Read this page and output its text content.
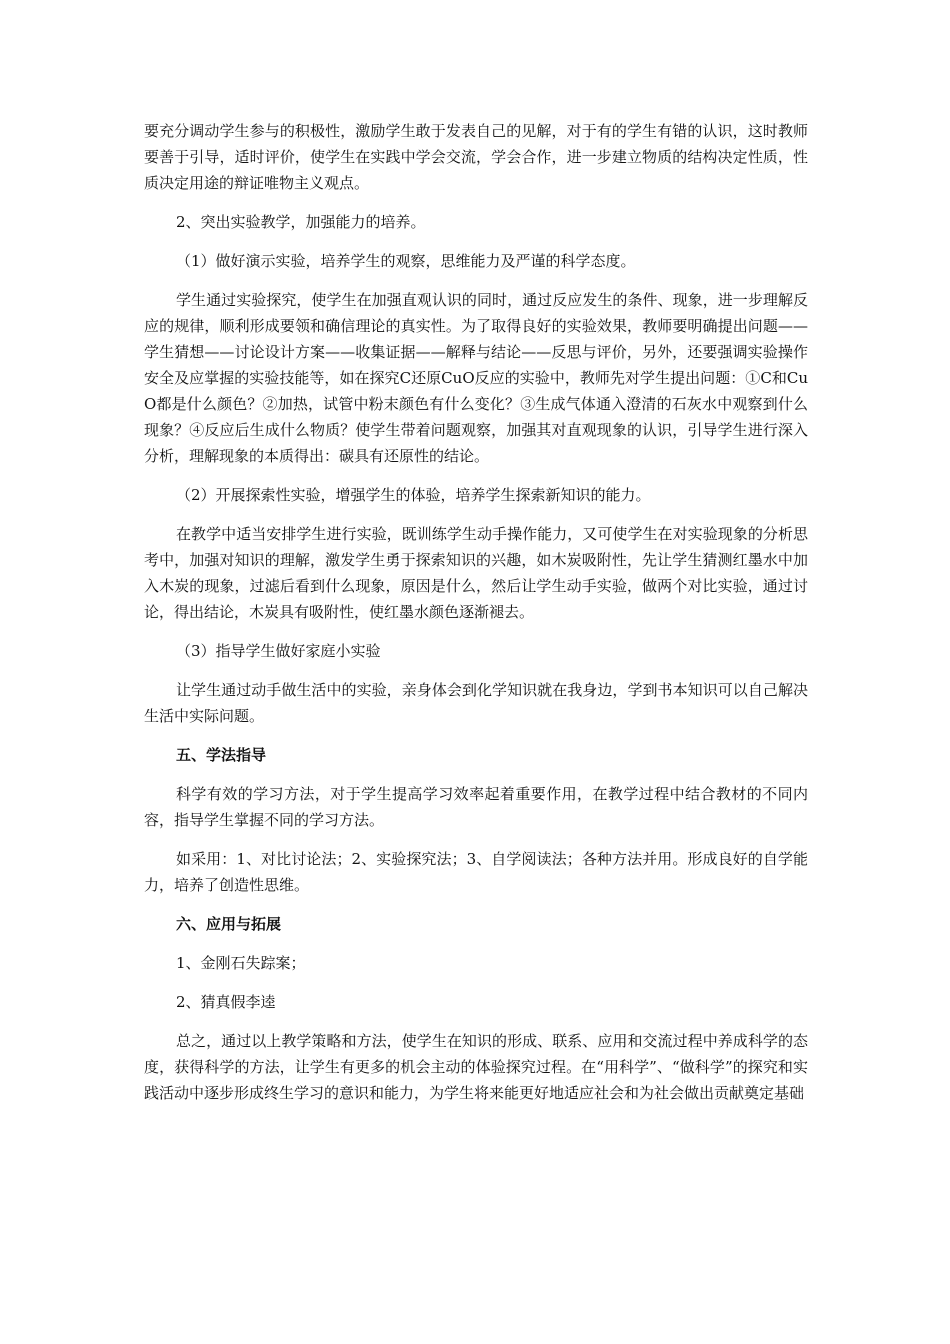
要充分调动学生参与的积极性，激励学生敢于发表自己的见解，对于有的学生有错的认识，这时教师要善于引导，适时评价，使学生在实践中学会交流，学会合作，进一步建立物质的结构决定性质，性质决定用途的辩证唯物主义观点。

2、突出实验教学，加强能力的培养。

（1）做好演示实验，培养学生的观察，思维能力及严谨的科学态度。

学生通过实验探究，使学生在加强直观认识的同时，通过反应发生的条件、现象，进一步理解反应的规律，顺利形成要领和确信理论的真实性。为了取得良好的实验效果，教师要明确提出问题——学生猜想——讨论设计方案——收集证据——解释与结论——反思与评价，另外，还要强调实验操作安全及应掌握的实验技能等，如在探究C还原CuO反应的实验中，教师先对学生提出问题：①C和CuO都是什么颜色？②加热，试管中粉末颜色有什么变化？③生成气体通入澄清的石灰水中观察到什么现象？④反应后生成什么物质？使学生带着问题观察，加强其对直观现象的认识，引导学生进行深入分析，理解现象的本质得出：碳具有还原性的结论。

（2）开展探索性实验，增强学生的体验，培养学生探索新知识的能力。

在教学中适当安排学生进行实验，既训练学生动手操作能力，又可使学生在对实验现象的分析思考中，加强对知识的理解，激发学生勇于探索知识的兴趣，如木炭吸附性，先让学生猜测红墨水中加入木炭的现象，过滤后看到什么现象，原因是什么，然后让学生动手实验，做两个对比实验，通过讨论，得出结论，木炭具有吸附性，使红墨水颜色逐渐褪去。

（3）指导学生做好家庭小实验

让学生通过动手做生活中的实验，亲身体会到化学知识就在我身边，学到书本知识可以自己解决生活中实际问题。

五、学法指导

科学有效的学习方法，对于学生提高学习效率起着重要作用，在教学过程中结合教材的不同内容，指导学生掌握不同的学习方法。

如采用：1、对比讨论法；2、实验探究法；3、自学阅读法；各种方法并用。形成良好的自学能力，培养了创造性思维。

六、应用与拓展

1、金刚石失踪案；

2、猜真假李逵

总之，通过以上教学策略和方法，使学生在知识的形成、联系、应用和交流过程中养成科学的态度，获得科学的方法，让学生有更多的机会主动的体验探究过程。在“用科学”、“做科学”的探究和实践活动中逐步形成终生学习的意识和能力，为学生将来能更好地适应社会和为社会做出贡献奠定基础
